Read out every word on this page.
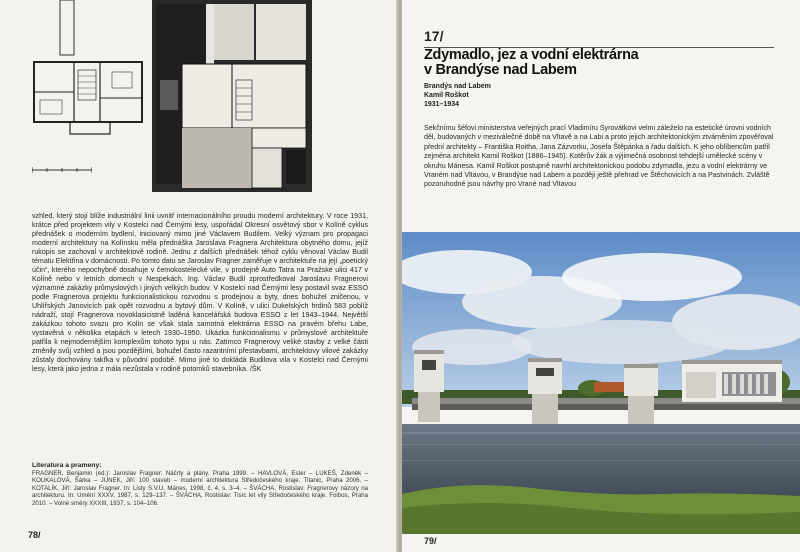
vzhled, který stojí blíže industriální linii uvnitř internacionálního proudu moderní architektury. V roce 1931, krátce před projektem vily v Kostelci nad Černými lesy, uspořádal Okresní osvětový sbor v Kolíně cyklus přednášek o moderním bydlení, iniciovaný mimo jiné Václavem Budilem. Velký význam pro propagaci moderní architektury na Kolínsku měla přednáška Jaroslava Fragnera Architektura obytného domu, jejíž rukopis se zachoval v architektově rodině. Jednu z dalších přednášek téhož cyklu věnoval Václav Budil tématu Elektřina v domácnosti. Po tomto datu se Jaroslav Fragner zaměřuje v architektuře na její „poetický účin“, kterého nepochybně dosahuje v čemokostelecké vile, v prodejně Auto Tatra na Pražské ulici 417 v Kolíně nebo v letních domech v Nespekách. Ing. Václav Budil zprostředkoval Jaroslavu Fragnerovi významné zakázky průmyslových i jiných velkých budov. V Kostelci nad Černými lesy postavil svaz ESSO podle Fragnerova projektu funkcionalistickou rozvodnu s prodejnou a byty, dnes bohužel zničenou, v Uhlířských Janovicích pak opět rozvodnu a bytový dům. V Kolíně, v ulici Dukelských hrdinů 583 poblíž nádraží, stojí Fragnerova novoklasicistně laděná kancelářská budova ESSO z let 1943–1944. Největší zakázkou tohoto svazu pro Kolín se však stala samotná elektrárna ESSO na pravém břehu Labe, vystavěná v několika etapách v letech 1930–1950. Ukázka funkcionalismu v průmyslové architektuře patřila k nejmodernějším komplexům tohoto typu u nás. Zatímco Fragnerovy veliké stavby z velké části změnily svůj vzhled a jsou pozdějšími, bohužel často razantními přestavbami, architektovy vilové zakázky zůstaly dochovány takřka v původní podobě. Mimo jiné to dokládá Budilova vila v Kostelci nad Černými lesy, která jako jedna z mála nezůstala v rodině potomků stavebníka. /ŠK

Literatura a prameny:

FRAGNER, Benjamin (ed.): Jaroslav Fragner: Náčrty a plány. Praha 1999. – HAVLOVÁ, Ester – LUKEŠ, Zdeněk – KOUKALOVÁ, Šárka – JUNEK, Jiří: 100 staveb – moderní architektura Středočeského kraje. Titanic, Praha 2006. – KOTALÍK, Jiří: Jaroslav Fragner. In: Listy S.V.U. Mánes, 1998, č. 4, s. 3–4. – ŠVÁCHA, Rostislav: Fragnerovy názory na architekturu. In: Umění XXXV, 1987, s. 129–137. – ŠVÁCHA, Rostislav: Tisíc let vily Středočeského kraje. Foibos, Praha 2010. – Volné směry XXXIII, 1937, s. 104–106.

78/
17/
Zdymadlo, jez a vodní elektrárna
v Brandýse nad Labem
Brandýs nad Labem
Kamil Roškot
1931–1934

Sekčnímu šéfovi ministerstva veřejných prací Vladimíru Syrovátkovi velmi záleželo na estetické úrovni vodních děl, budovaných v meziválečné době na Vltavě a na Labi a proto jejich architektonickým ztvárněním zpověřoval přední architekty – Františka Roitha, Jana Zázvorku, Josefa Štěpánka a řadu dalších. K jeho oblíbencům patřil zejména architekt Kamil Roškot (1886–1945). Kotěrův žák a výjimečná osobnost tehdejší umělecké scény v okruhu Mánesa. Kamil Roškot postupně navrhl architektonickou podobu zdymadla, jezu a vodní elektrárny ve Vraném nad Vltavou, v Brandýse nad Labem a později ještě přehrad ve Štěchovicích a na Pastvinách. Zvláště pozoruhodné jsou návrhy pro Vrané nad Vltavou

79/
